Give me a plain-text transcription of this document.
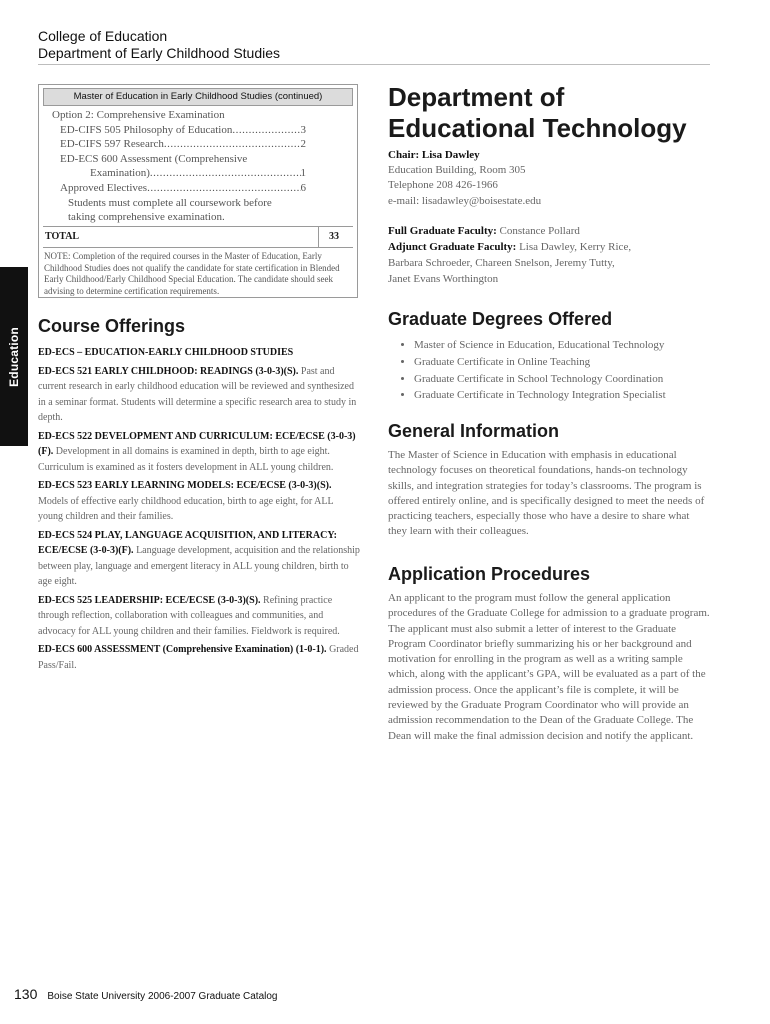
College of Education
Department of Early Childhood Studies
Education
Master of Education in Early Childhood Studies (continued)
Option 2: Comprehensive Examination
ED-CIFS 505 Philosophy of Education .....	3
ED-CIFS 597 Research .....	2
ED-ECS 600 Assessment (Comprehensive
Examination) .....	1
Approved Electives .....	6
Students must complete all coursework before
taking comprehensive examination.
TOTAL	33
NOTE: Completion of the required courses in the Master of Education, Early Childhood Studies does not qualify the candidate for state certification in Blended Early Childhood/Early Childhood Special Education. The candidate should seek advising to determine certification requirements.
Course Offerings

ED-ECS – EDUCATION-EARLY CHILDHOOD STUDIES

ED-ECS 521 EARLY CHILDHOOD: READINGS (3-0-3)(S). Past and current research in early childhood education will be reviewed and synthesized in a seminar format. Students will determine a specific research area to study in depth.

ED-ECS 522 DEVELOPMENT AND CURRICULUM: ECE/ECSE (3-0-3)(F). Development in all domains is examined in depth, birth to age eight. Curriculum is examined as it fosters development in ALL young children.

ED-ECS 523 EARLY LEARNING MODELS: ECE/ECSE (3-0-3)(S). Models of effective early childhood education, birth to age eight, for ALL young children and their families.

ED-ECS 524 PLAY, LANGUAGE ACQUISITION, AND LITERACY: ECE/ECSE (3-0-3)(F). Language development, acquisition and the relationship between play, language and emergent literacy in ALL young children, birth to age eight.

ED-ECS 525 LEADERSHIP: ECE/ECSE (3-0-3)(S). Refining practice through reflection, collaboration with colleagues and communities, and advocacy for ALL young children and their families. Fieldwork is required.

ED-ECS 600 ASSESSMENT (Comprehensive Examination) (1-0-1). Graded Pass/Fail.

Department of
Educational Technology
Chair: Lisa Dawley
Education Building, Room 305
Telephone 208 426-1966
e-mail: lisadawley@boisestate.edu
Full Graduate Faculty: Constance Pollard
Adjunct Graduate Faculty: Lisa Dawley, Kerry Rice,
Barbara Schroeder, Chareen Snelson, Jeremy Tutty,
Janet Evans Worthington
Graduate Degrees Offered
• Master of Science in Education, Educational Technology
• Graduate Certificate in Online Teaching
• Graduate Certificate in School Technology Coordination
• Graduate Certificate in Technology Integration Specialist
General Information
The Master of Science in Education with emphasis in educational technology focuses on theoretical foundations, hands-on technology skills, and integration strategies for today’s classrooms. The program is offered entirely online, and is specifically designed to meet the needs of practicing teachers, especially those who have a desire to share what they learn with their colleagues.
Application Procedures
An applicant to the program must follow the general application procedures of the Graduate College for admission to a graduate program. The applicant must also submit a letter of interest to the Graduate Program Coordinator briefly summarizing his or her background and motivation for enrolling in the program as well as a writing sample which, along with the applicant’s GPA, will be evaluated as a part of the admission process. Once the applicant’s file is complete, it will be reviewed by the Graduate Program Coordinator who will provide an admission recommendation to the Dean of the Graduate College. The Dean will make the final admission decision and notify the applicant.
130 Boise State University 2006-2007 Graduate Catalog
